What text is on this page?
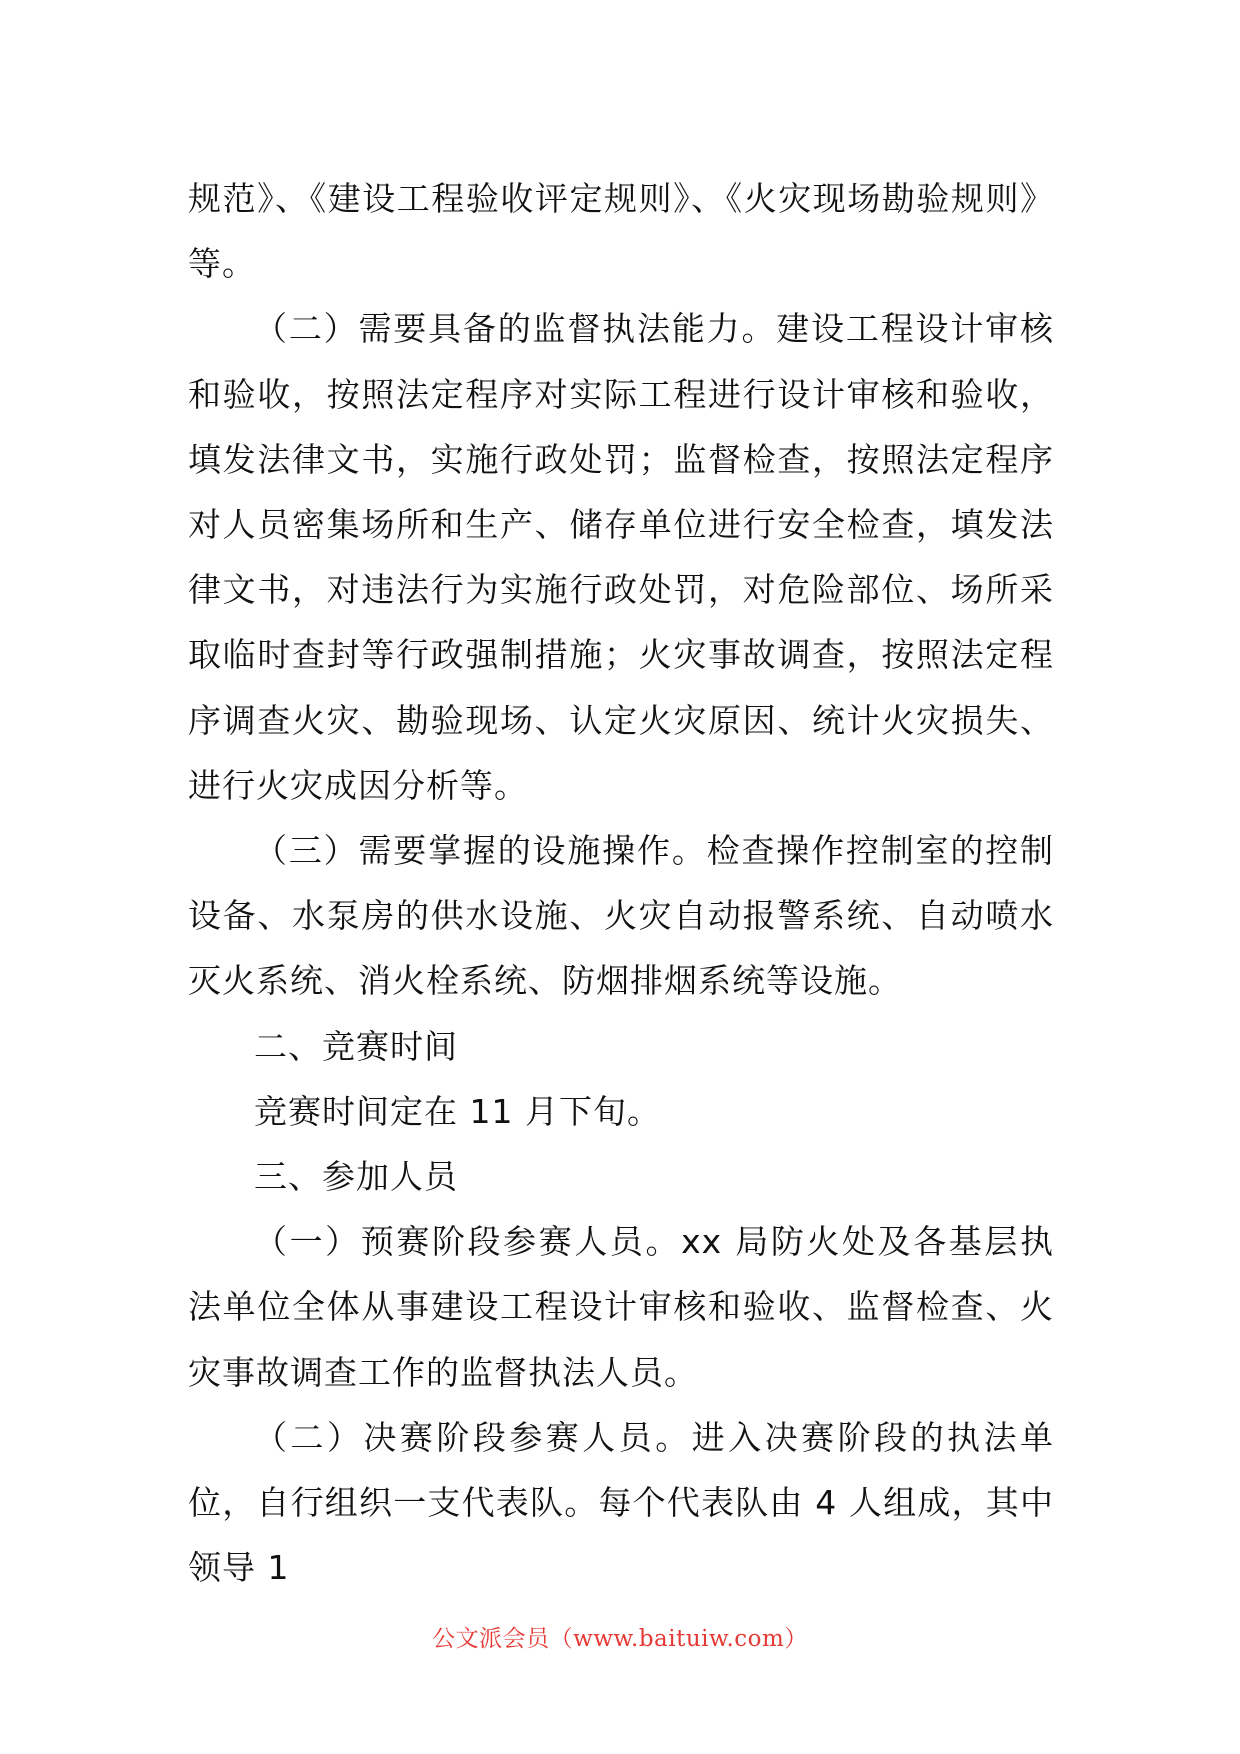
规范》、《建设工程验收评定规则》、《火灾现场勘验规则》等。

（二）需要具备的监督执法能力。建设工程设计审核和验收，按照法定程序对实际工程进行设计审核和验收，填发法律文书，实施行政处罚；监督检查，按照法定程序对人员密集场所和生产、储存单位进行安全检查，填发法律文书，对违法行为实施行政处罚，对危险部位、场所采取临时查封等行政强制措施；火灾事故调查，按照法定程序调查火灾、勘验现场、认定火灾原因、统计火灾损失、进行火灾成因分析等。

（三）需要掌握的设施操作。检查操作控制室的控制设备、水泵房的供水设施、火灾自动报警系统、自动喷水灭火系统、消火栓系统、防烟排烟系统等设施。

二、竞赛时间

竞赛时间定在 11 月下旬。

三、参加人员

（一）预赛阶段参赛人员。xx 局防火处及各基层执法单位全体从事建设工程设计审核和验收、监督检查、火灾事故调查工作的监督执法人员。

（二）决赛阶段参赛人员。进入决赛阶段的执法单位，自行组织一支代表队。每个代表队由 4 人组成，其中领导 1

公文派会员（www.baituiw.com）
